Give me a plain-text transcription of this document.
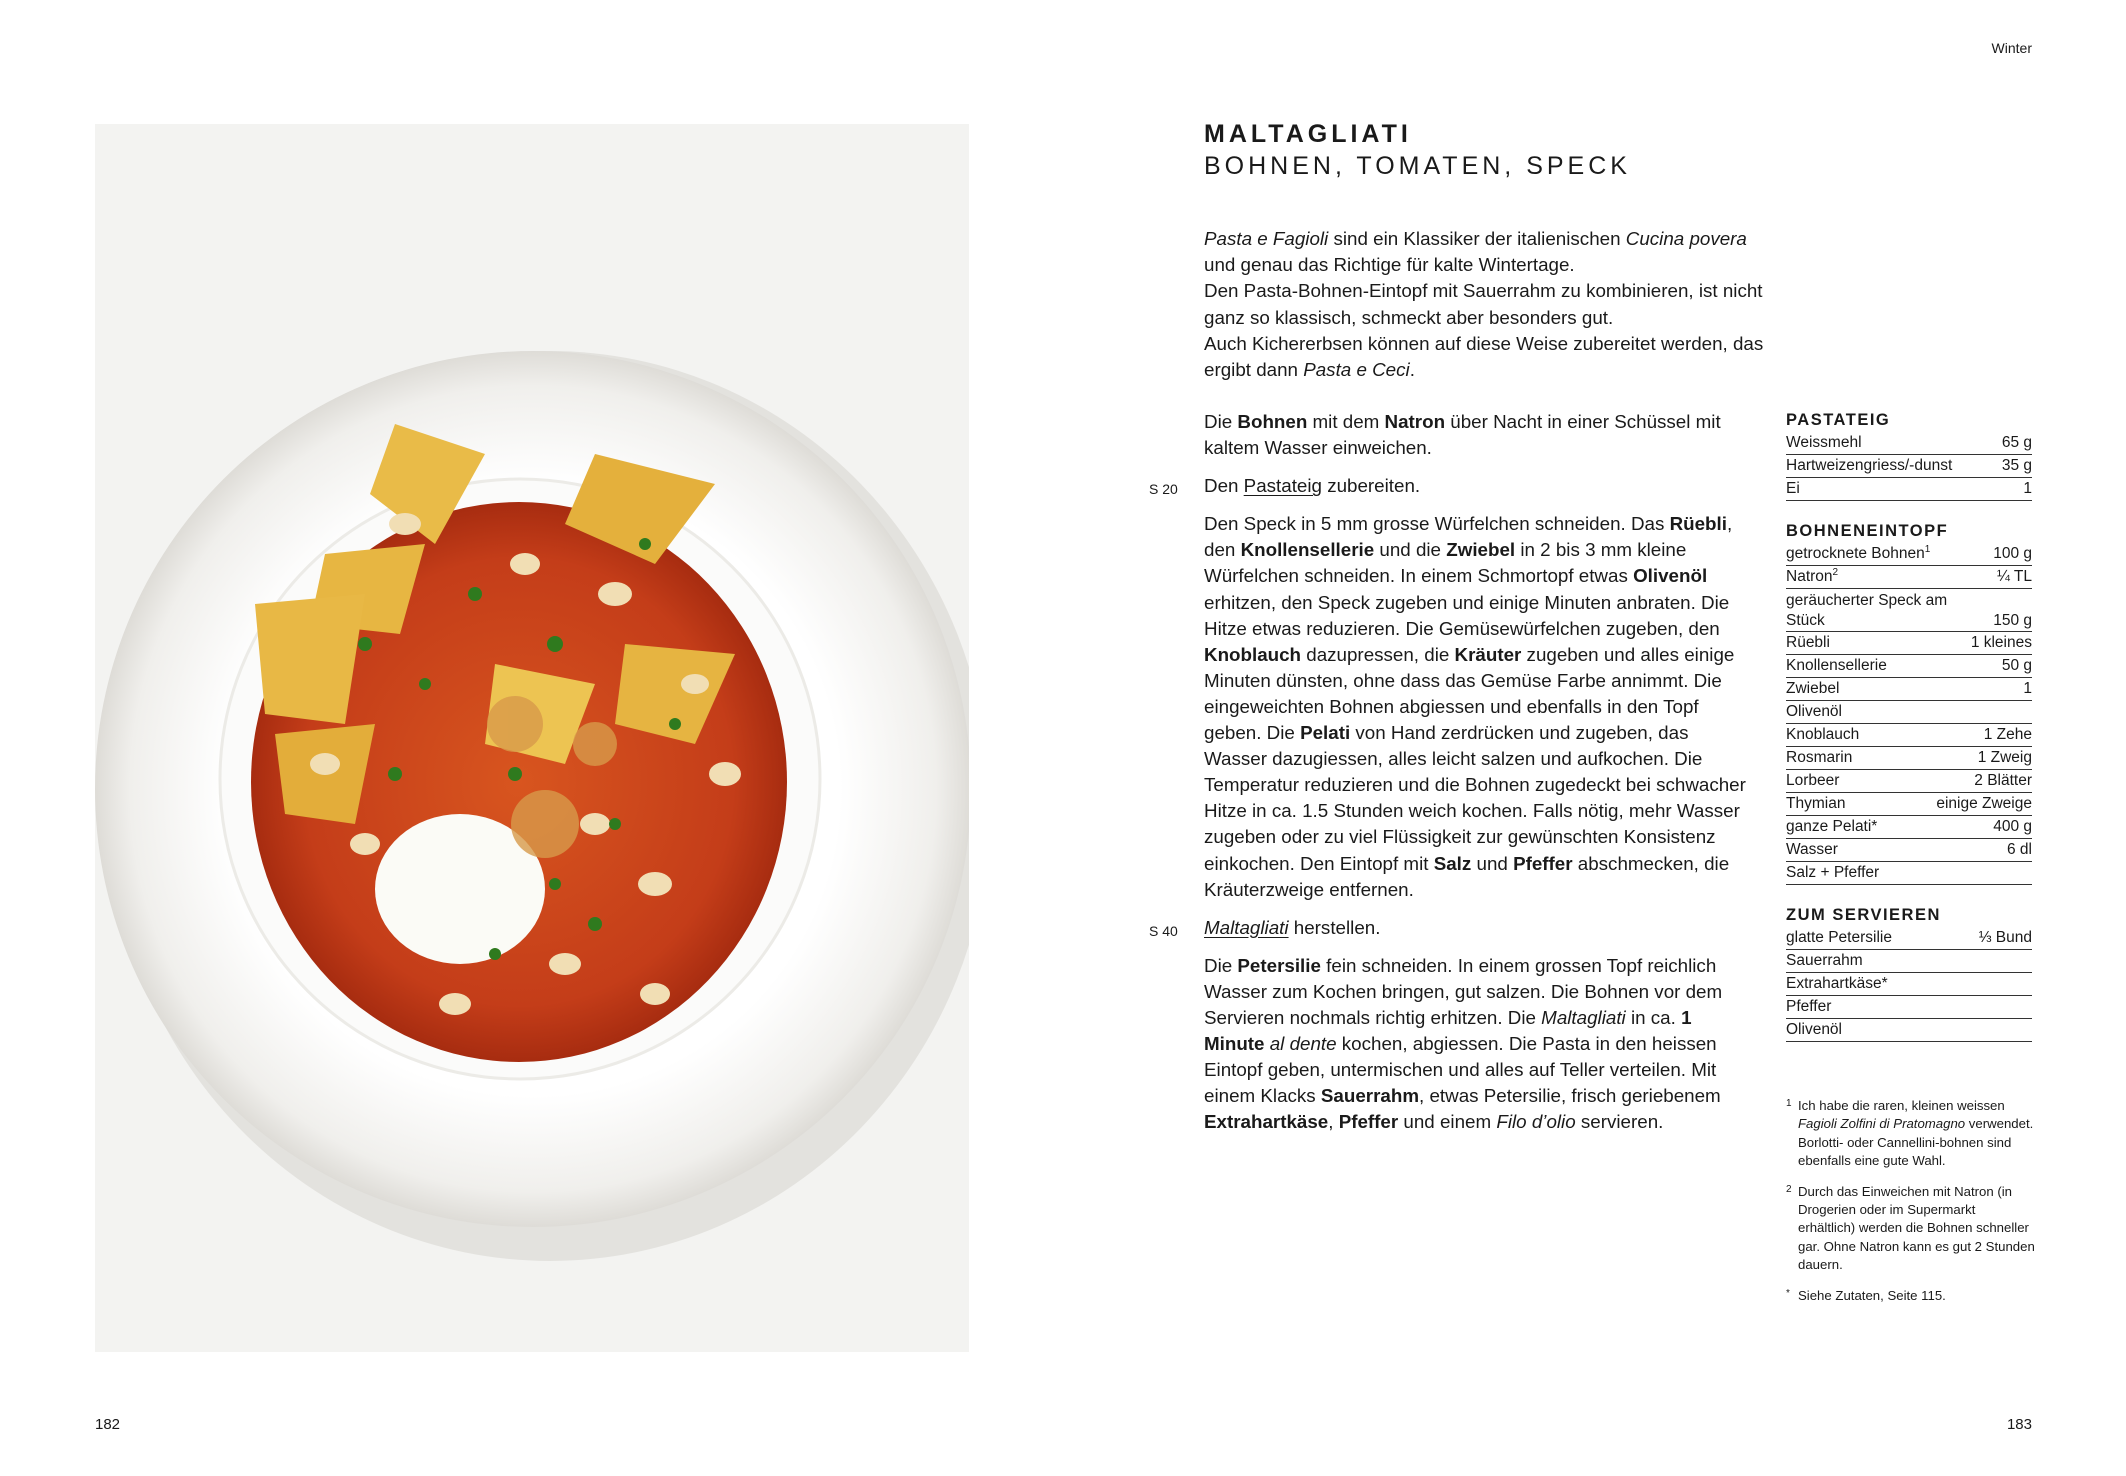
Winter
182	183
MALTAGLIATI
BOHNEN, TOMATEN, SPECK
Pasta e Fagioli sind ein Klassiker der italienischen Cucina povera und genau das Richtige für kalte Wintertage.
Den Pasta-Bohnen-Eintopf mit Sauerrahm zu kombinieren, ist nicht ganz so klassisch, schmeckt aber besonders gut.
Auch Kichererbsen können auf diese Weise zubereitet werden, das ergibt dann Pasta e Ceci.

Die Bohnen mit dem Natron über Nacht in einer Schüssel mit kaltem Wasser einweichen.

S 20 Den Pastateig zubereiten.

Den Speck in 5 mm grosse Würfelchen schneiden. Das Rüebli, den Knollensellerie und die Zwiebel in 2 bis 3 mm kleine Würfelchen schneiden. In einem Schmortopf etwas Olivenöl erhitzen, den Speck zugeben und einige Minuten anbraten. Die Hitze etwas reduzieren. Die Gemüsewürfelchen zugeben, den Knoblauch dazupressen, die Kräuter zugeben und alles einige Minuten dünsten, ohne dass das Gemüse Farbe annimmt. Die eingeweichten Bohnen abgiessen und ebenfalls in den Topf geben. Die Pelati von Hand zerdrücken und zugeben, das Wasser dazugiessen, alles leicht salzen und aufkochen. Die Temperatur reduzieren und die Bohnen zugedeckt bei schwacher Hitze in ca. 1.5 Stunden weich kochen. Falls nötig, mehr Wasser zugeben oder zu viel Flüssigkeit zur gewünschten Konsistenz einkochen. Den Eintopf mit Salz und Pfeffer abschmecken, die Kräuterzweige entfernen.

S 40 Maltagliati herstellen.

Die Petersilie fein schneiden. In einem grossen Topf reichlich Wasser zum Kochen bringen, gut salzen. Die Bohnen vor dem Servieren nochmals richtig erhitzen. Die Maltagliati in ca. 1 Minute al dente kochen, abgiessen. Die Pasta in den heissen Eintopf geben, untermischen und alles auf Teller verteilen. Mit einem Klacks Sauerrahm, etwas Petersilie, frisch geriebenem Extrahartkäse, Pfeffer und einem Filo d’olio servieren.

PASTATEIG
Weissmehl	65 g
Hartweizengriess/-dunst	35 g
Ei	1
BOHNENEINTOPF
getrocknete Bohnen$^1$	100 g
Natron$^2$	¼ TL
geräucherter Speck am Stück	150 g
Rüebli	1 kleines
Knollensellerie	50 g
Zwiebel	1
Olivenöl
Knoblauch	1 Zehe
Rosmarin	1 Zweig
Lorbeer	2 Blätter
Thymian	einige Zweige
ganze Pelati*	400 g
Wasser	6 dl
Salz + Pfeffer
ZUM SERVIEREN
glatte Petersilie	⅓ Bund
Sauerrahm
Extrahartkäse*
Pfeffer
Olivenöl
1 Ich habe die raren, kleinen weissen Fagioli Zolfini di Pratomagno verwendet. Borlotti- oder Cannellini-bohnen sind ebenfalls eine gute Wahl.
2 Durch das Einweichen mit Natron (in Drogerien oder im Supermarkt erhältlich) werden die Bohnen schneller gar. Ohne Natron kann es gut 2 Stunden dauern.
* Siehe Zutaten, Seite 115.
